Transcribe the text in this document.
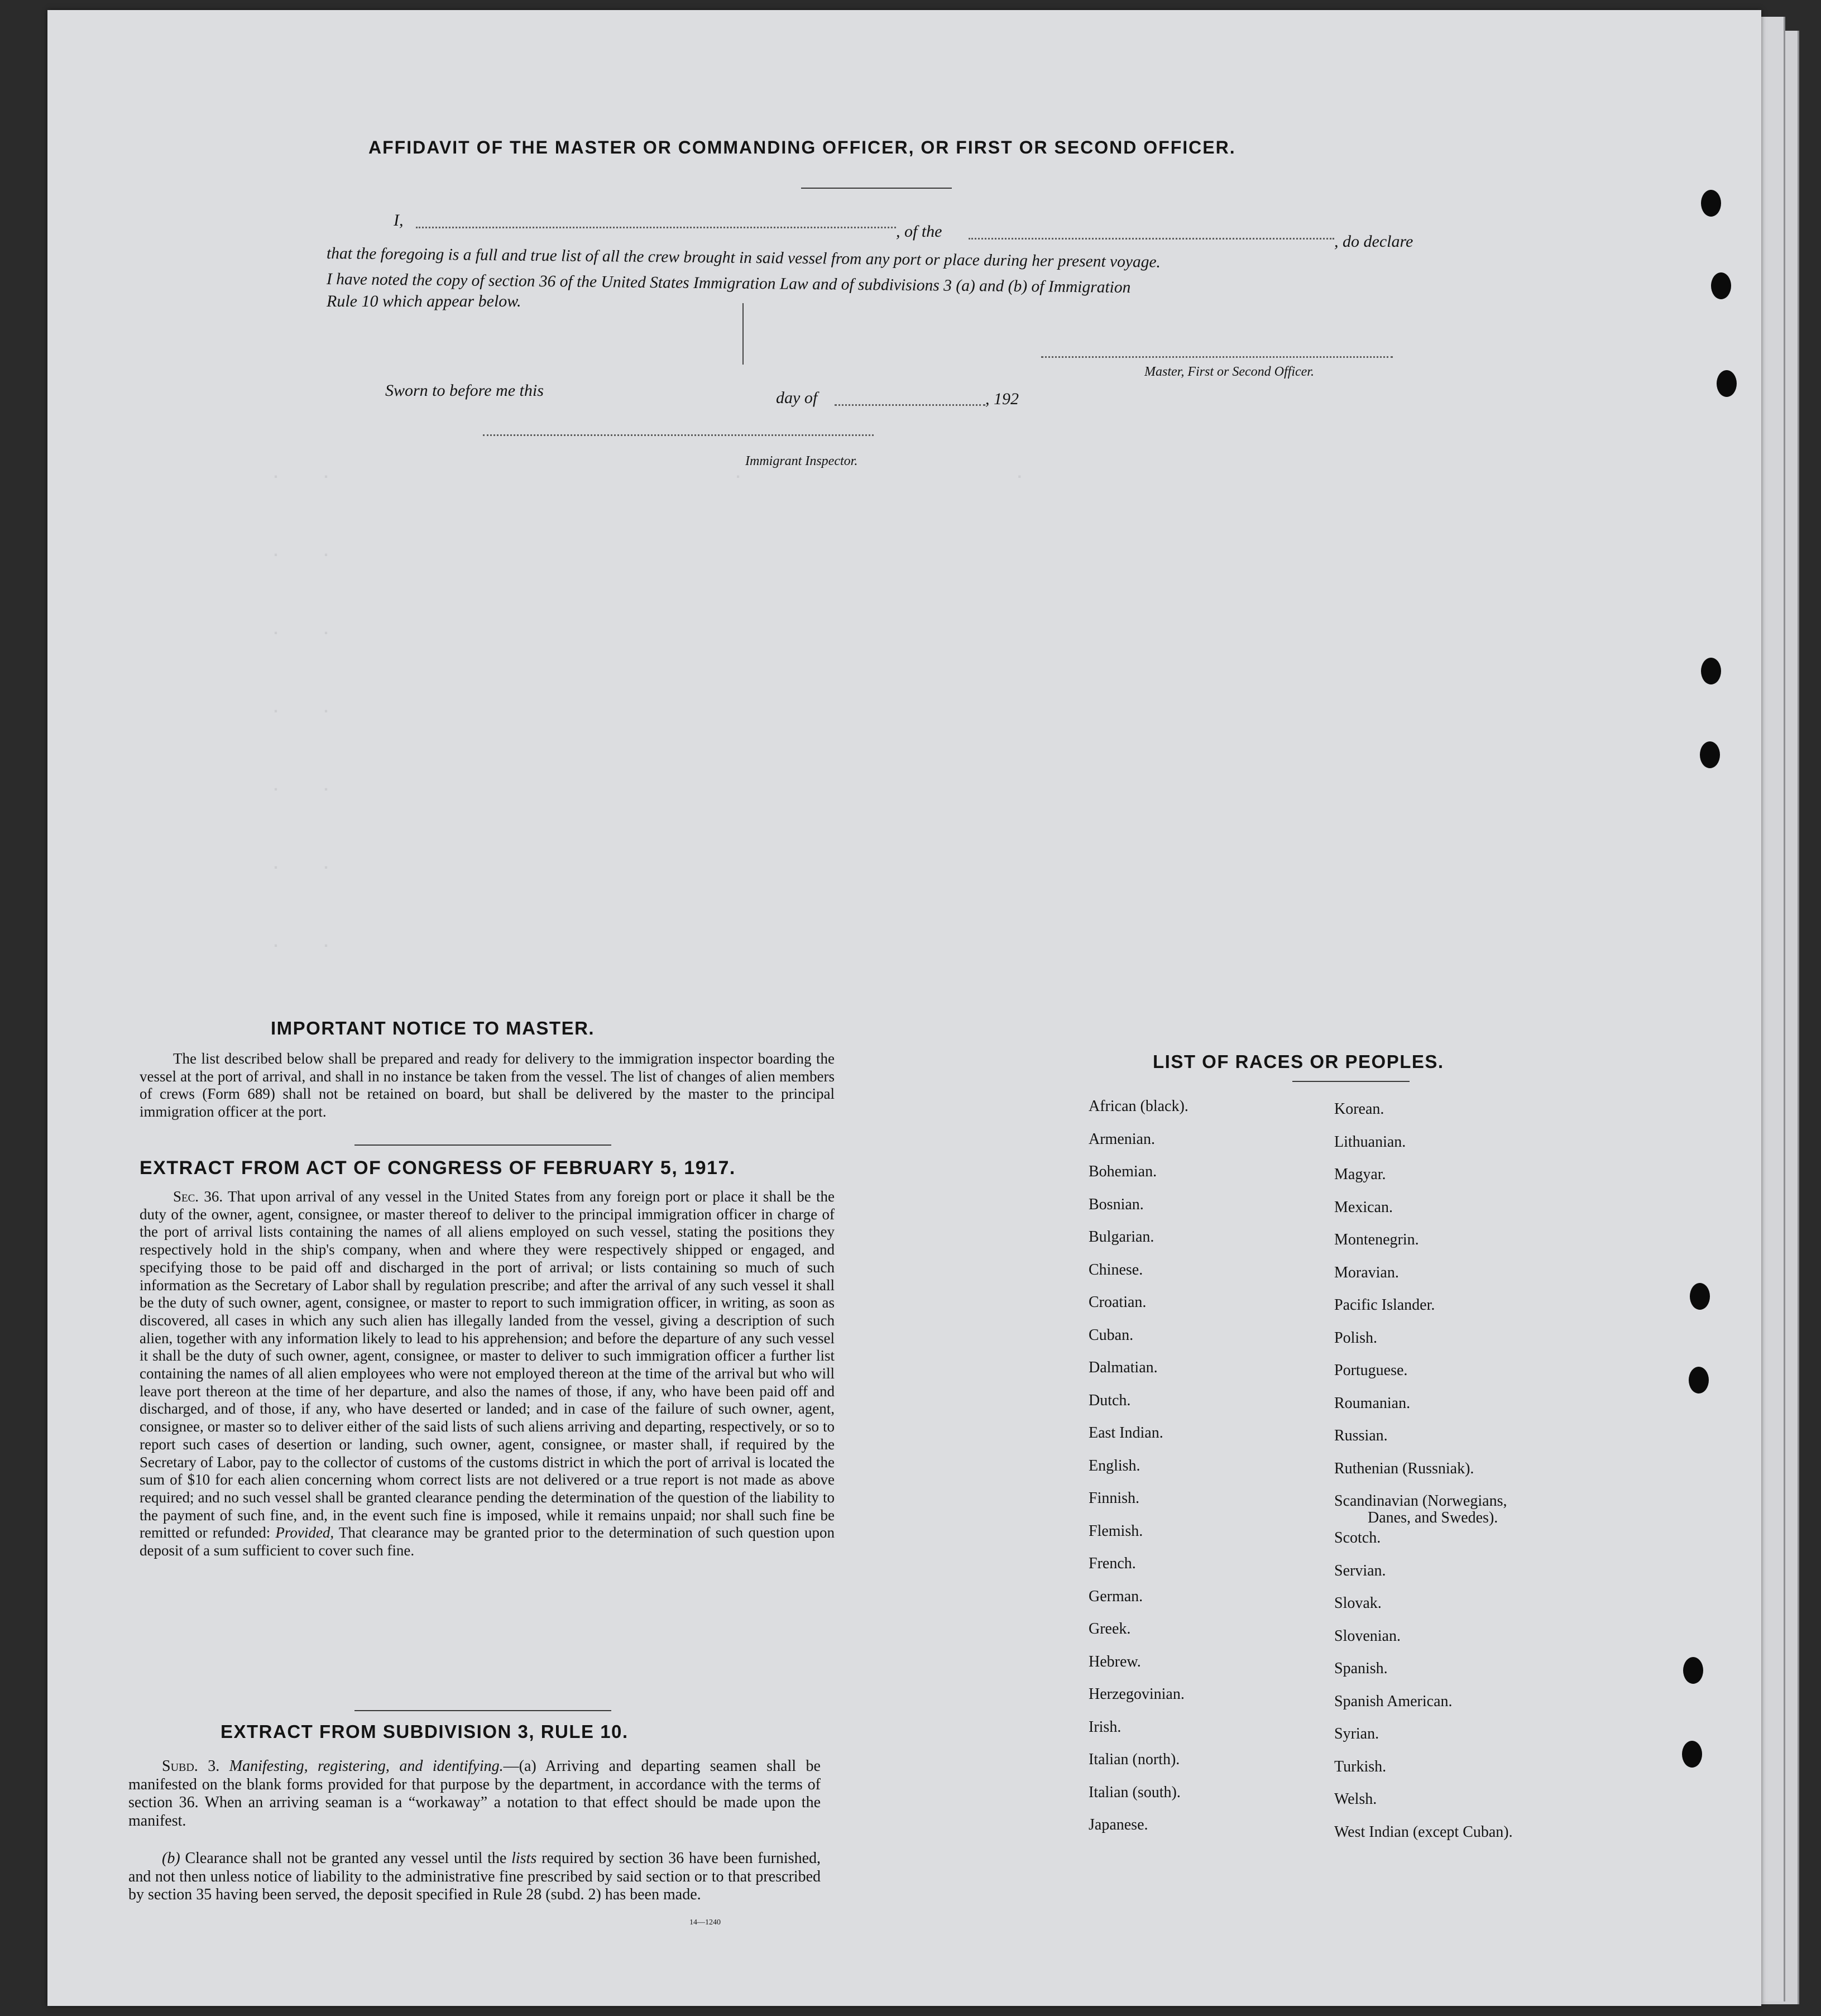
·    ·                                        ·                           ·
·    ·
·    ·
·    ·
·    ·
·    ·
·    ·
AFFIDAVIT OF THE MASTER OR COMMANDING OFFICER, OR FIRST OR SECOND OFFICER.
I,
, of the
, do declare
that the foregoing is a full and true list of all the crew brought in said vessel from any port or place during her present voyage.
I have noted the copy of section 36 of the United States Immigration Law and of subdivisions 3 (a) and (b) of Immigration
Rule 10 which appear below.
Master, First or Second Officer.
Sworn to before me this	day of	, 192
Immigrant Inspector.
IMPORTANT NOTICE TO MASTER.
The list described below shall be prepared and ready for delivery to the immigration inspector boarding the vessel at the port of arrival, and shall in no instance be taken from the vessel. The list of changes of alien members of crews (Form 689) shall not be retained on board, but shall be delivered by the master to the principal immigration officer at the port.
EXTRACT FROM ACT OF CONGRESS OF FEBRUARY 5, 1917.
Sec. 36. That upon arrival of any vessel in the United States from any foreign port or place it shall be the duty of the owner, agent, consignee, or master thereof to deliver to the principal immigration officer in charge of the port of arrival lists containing the names of all aliens employed on such vessel, stating the positions they respectively hold in the ship's company, when and where they were respectively shipped or engaged, and specifying those to be paid off and discharged in the port of arrival; or lists containing so much of such information as the Secretary of Labor shall by regulation prescribe; and after the arrival of any such vessel it shall be the duty of such owner, agent, consignee, or master to report to such immigration officer, in writing, as soon as discovered, all cases in which any such alien has illegally landed from the vessel, giving a description of such alien, together with any information likely to lead to his apprehension; and before the departure of any such vessel it shall be the duty of such owner, agent, consignee, or master to deliver to such immigration officer a further list containing the names of all alien employees who were not employed thereon at the time of the arrival but who will leave port thereon at the time of her departure, and also the names of those, if any, who have been paid off and discharged, and of those, if any, who have deserted or landed; and in case of the failure of such owner, agent, consignee, or master so to deliver either of the said lists of such aliens arriving and departing, respectively, or so to report such cases of desertion or landing, such owner, agent, consignee, or master shall, if required by the Secretary of Labor, pay to the collector of customs of the customs district in which the port of arrival is located the sum of $10 for each alien concerning whom correct lists are not delivered or a true report is not made as above required; and no such vessel shall be granted clearance pending the determination of the question of the liability to the payment of such fine, and, in the event such fine is imposed, while it remains unpaid; nor shall such fine be remitted or refunded: Provided, That clearance may be granted prior to the determination of such question upon deposit of a sum sufficient to cover such fine.
EXTRACT FROM SUBDIVISION 3, RULE 10.
Subd. 3. Manifesting, registering, and identifying.—(a) Arriving and departing seamen shall be manifested on the blank forms provided for that purpose by the department, in accordance with the terms of section 36. When an arriving seaman is a “workaway” a notation to that effect should be made upon the manifest.
(b) Clearance shall not be granted any vessel until the lists required by section 36 have been furnished, and not then unless notice of liability to the administrative fine prescribed by said section or to that prescribed by section 35 having been served, the deposit specified in Rule 28 (subd. 2) has been made.
14—1240
LIST OF RACES OR PEOPLES.
African (black).
Armenian.
Bohemian.
Bosnian.
Bulgarian.
Chinese.
Croatian.
Cuban.
Dalmatian.
Dutch.
East Indian.
English.
Finnish.
Flemish.
French.
German.
Greek.
Hebrew.
Herzegovinian.
Irish.
Italian (north).
Italian (south).
Japanese.
Korean.
Lithuanian.
Magyar.
Mexican.
Montenegrin.
Moravian.
Pacific Islander.
Polish.
Portuguese.
Roumanian.
Russian.
Ruthenian (Russniak).
Scandinavian (Norwegians,
Danes, and Swedes).
Scotch.
Servian.
Slovak.
Slovenian.
Spanish.
Spanish American.
Syrian.
Turkish.
Welsh.
West Indian (except Cuban).
